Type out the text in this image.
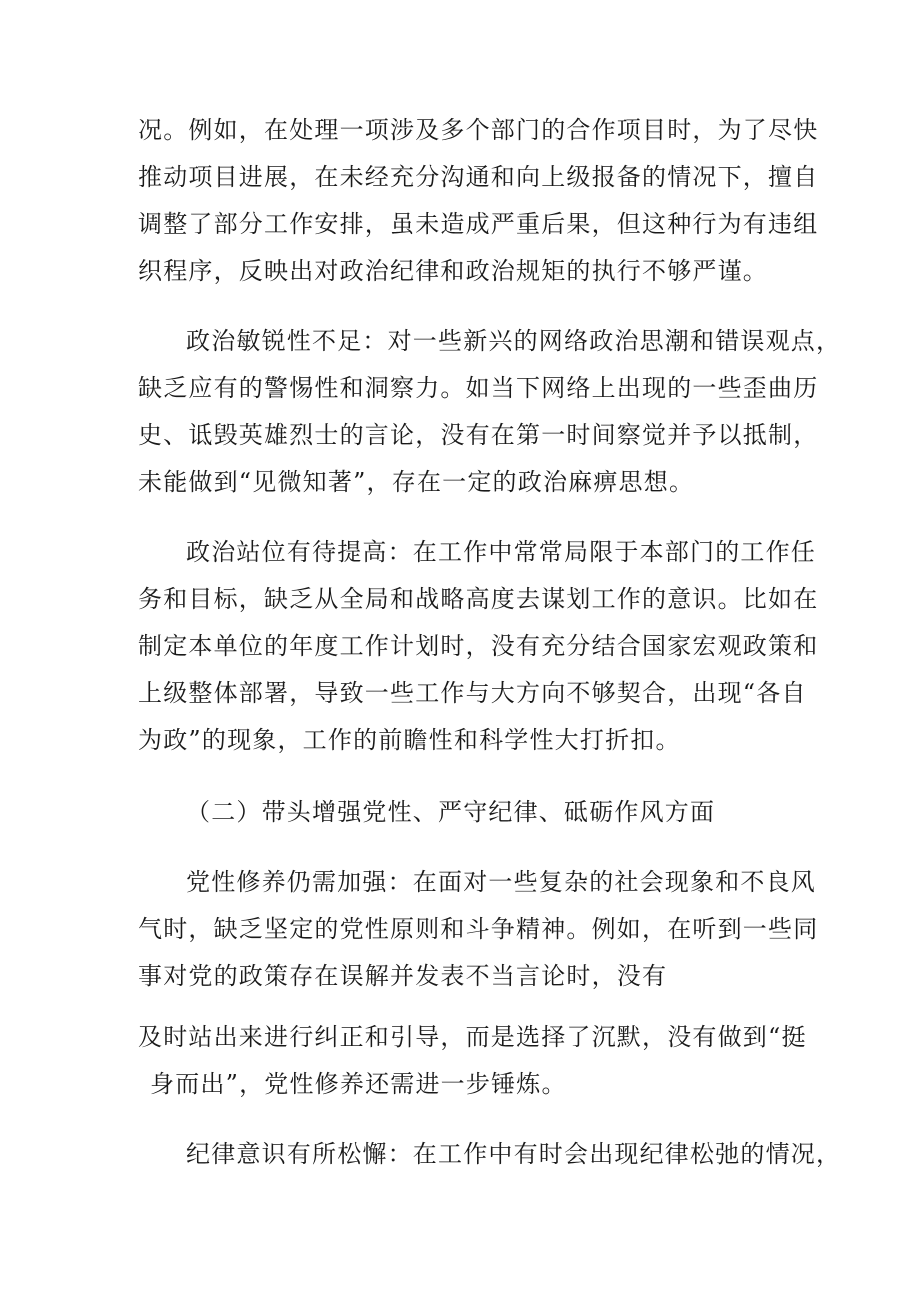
况。例如，在处理一项涉及多个部门的合作项目时，为了尽快
推动项目进展，在未经充分沟通和向上级报备的情况下，擅自
调整了部分工作安排，虽未造成严重后果，但这种行为有违组
织程序，反映出对政治纪律和政治规矩的执行不够严谨。
政治敏锐性不足：对一些新兴的网络政治思潮和错误观点，
缺乏应有的警惕性和洞察力。如当下网络上出现的一些歪曲历
史、诋毁英雄烈士的言论，没有在第一时间察觉并予以抵制，
未能做到“见微知著”，存在一定的政治麻痹思想。
政治站位有待提高：在工作中常常局限于本部门的工作任
务和目标，缺乏从全局和战略高度去谋划工作的意识。比如在
制定本单位的年度工作计划时，没有充分结合国家宏观政策和
上级整体部署，导致一些工作与大方向不够契合，出现“各自
为政”的现象，工作的前瞻性和科学性大打折扣。
（二）带头增强党性、严守纪律、砥砺作风方面
党性修养仍需加强：在面对一些复杂的社会现象和不良风
气时，缺乏坚定的党性原则和斗争精神。例如，在听到一些同
事对党的政策存在误解并发表不当言论时，没有
及时站出来进行纠正和引导，而是选择了沉默，没有做到“挺
身而出”，党性修养还需进一步锤炼。
纪律意识有所松懈：在工作中有时会出现纪律松弛的情况，
